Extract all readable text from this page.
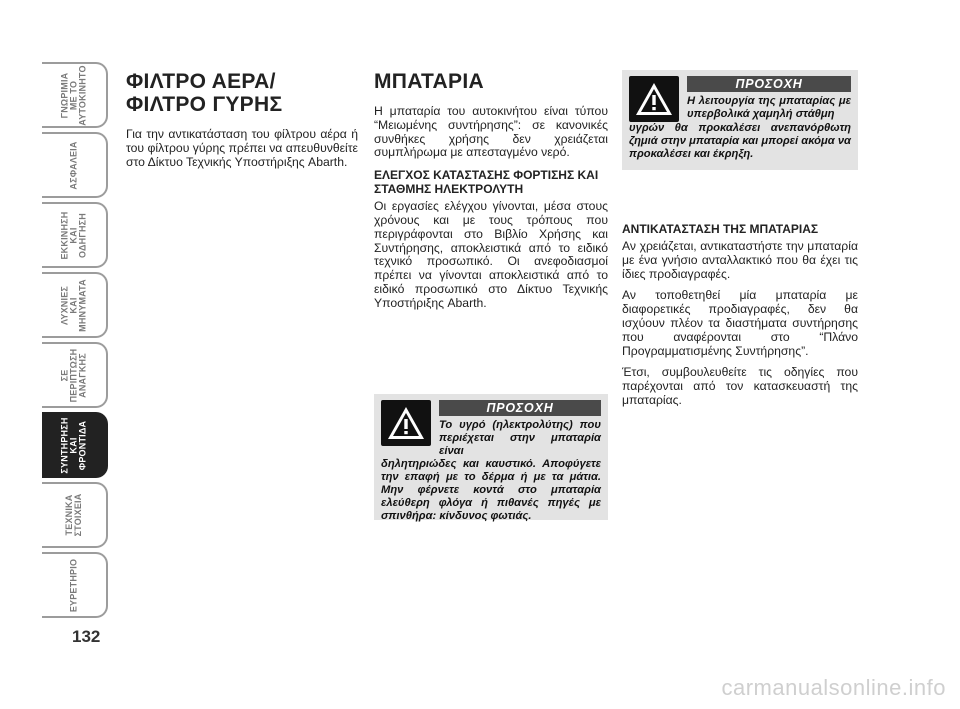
ΓΝΩΡΙΜΙΑ
ΜΕ ΤΟ
ΑΥΤΟΚΙΝΗΤΟ
ΑΣΦΑΛΕΙΑ
ΕΚΚΙΝΗΣΗ
ΚΑΙ
ΟΔΗΓΗΣΗ
ΛΥΧΝΙΕΣ
ΚΑΙ
ΜΗΝΥΜΑΤΑ
ΣΕ
ΠΕΡΙΠΤΩΣΗ
ΑΝΑΓΚΗΣ
ΣΥΝΤΗΡΗΣΗ
ΚΑΙ
ΦΡΟΝΤΙΔΑ
ΤΕΧΝΙΚΑ
ΣΤΟΙΧΕΙΑ
ΕΥΡΕΤΗΡΙΟ
132
ΦΙΛΤΡΟ ΑΕΡΑ/
ΦΙΛΤΡΟ ΓΥΡΗΣ

Για την αντικατάσταση του φίλτρου αέρα ή του φίλτρου γύρης πρέπει να απευθυνθείτε στο Δίκτυο Τεχνικής Υποστήριξης Abarth.

ΜΠΑΤΑΡΙΑ

Η μπαταρία του αυτοκινήτου είναι τύπου “Μειωμένης συντήρησης”: σε κανονικές συνθήκες χρήσης δεν χρειάζεται συμπλήρωμα με απεσταγμένο νερό.

ΕΛΕΓΧΟΣ ΚΑΤΑΣΤΑΣΗΣ ΦΟΡΤΙΣΗΣ ΚΑΙ ΣΤΑΘΜΗΣ ΗΛΕΚΤΡΟΛΥΤΗ

Οι εργασίες ελέγχου γίνονται, μέσα στους χρόνους και με τους τρόπους που περιγράφονται στο Βιβλίο Χρήσης και Συντήρησης, αποκλειστικά από το ειδικό τεχνικό προσωπικό. Οι ανεφοδιασμοί πρέπει να γίνονται αποκλειστικά από το ειδικό προσωπικό στο Δίκτυο Τεχνικής Υποστήριξης Abarth.

ΠΡΟΣΟΧΗ

Το υγρό (ηλεκτρολύτης) που περιέχεται στην μπαταρία είναι

δηλητηριώδες και καυστικό. Αποφύγετε την επαφή με το δέρμα ή με τα μάτια. Μην φέρνετε κοντά στο μπαταρία ελεύθερη φλόγα ή πιθανές πηγές με σπινθήρα: κίνδυνος φωτιάς.

ΠΡΟΣΟΧΗ

Η λειτουργία της μπαταρίας με υπερβολικά χαμηλή στάθμη

υγρών θα προκαλέσει ανεπανόρθωτη ζημιά στην μπαταρία και μπορεί ακόμα να προκαλέσει και έκρηξη.

ΑΝΤΙΚΑΤΑΣΤΑΣΗ ΤΗΣ ΜΠΑΤΑΡΙΑΣ

Αν χρειάζεται, αντικαταστήστε την μπαταρία με ένα γνήσιο ανταλλακτικό που θα έχει τις ίδιες προδιαγραφές.

Αν τοποθετηθεί μία μπαταρία με διαφορετικές προδιαγραφές, δεν θα ισχύουν πλέον τα διαστήματα συντήρησης που αναφέρονται στο “Πλάνο Προγραμματισμένης Συντήρησης”.

Έτσι, συμβουλευθείτε τις οδηγίες που παρέχονται από τον κατασκευαστή της μπαταρίας.

carmanualsonline.info
